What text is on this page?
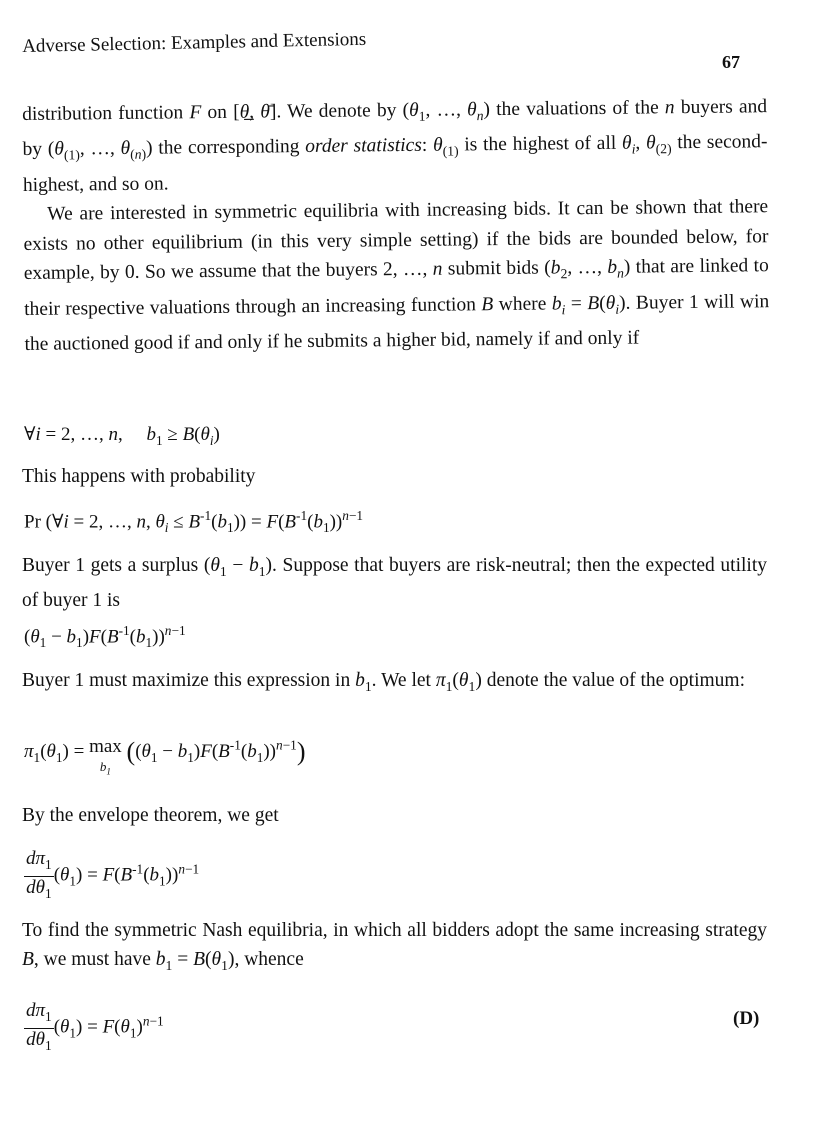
Adverse Selection: Examples and Extensions
67

distribution function F on [θ̲, θ̄]. We denote by ($\theta_1$, …, $\theta_n$) the valuations of the n buyers and by ($\theta_{(1)}$, …, $\theta_{(n)}$) the corresponding order statistics: $\theta_{(1)}$ is the highest of all $\theta_i$, $\theta_{(2)}$ the second-highest, and so on.

We are interested in symmetric equilibria with increasing bids. It can be shown that there exists no other equilibrium (in this very simple setting) if the bids are bounded below, for example, by 0. So we assume that the buyers 2, …, n submit bids ($b_2$, …, $b_n$) that are linked to their respective valuations through an increasing function B where $b_i = B(\theta_i)$. Buyer 1 will win the auctioned good if and only if he submits a higher bid, namely if and only if

∀i = 2, …, n,     $b_1 \ge B(\theta_i)$
This happens with probability
Pr (∀i = 2, …, n, $\theta_i \le B^{-1}(b_1)) = F(B^{-1}(b_1))^{n-1}$

Buyer 1 gets a surplus $(\theta_1 - b_1)$. Suppose that buyers are risk-neutral; then the expected utility of buyer 1 is

$(\theta_1 - b_1)F(B^{-1}(b_1))^{n-1}$

Buyer 1 must maximize this expression in $b_1$. We let $\pi_1(\theta_1)$ denote the value of the optimum:

$\pi_1(\theta_1) = \max$
$b_1$
$((\theta_1 - b_1)F(B^{-1}(b_1))^{n-1})$
By the envelope theorem, we get
$\frac{d\pi_1}{d\theta_1} (\theta_1) = F(B^{-1}(b_1))^{n-1}$

To find the symmetric Nash equilibria, in which all bidders adopt the same increasing strategy B, we must have $b_1 = B(\theta_1)$, whence

$\frac{d\pi_1}{d\theta_1} (\theta_1) = F(\theta_1)^{n-1}$	(D)
